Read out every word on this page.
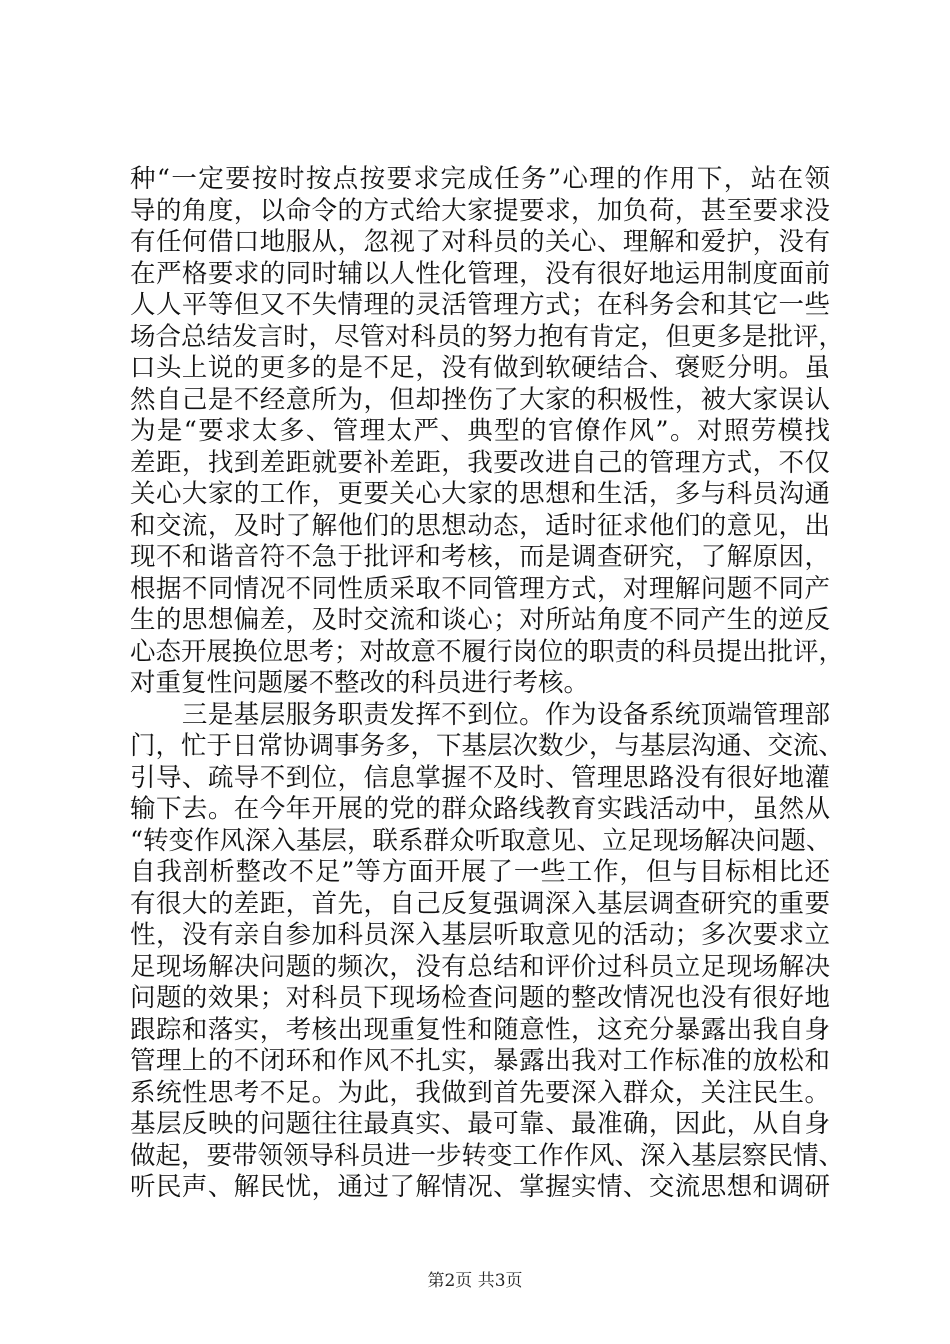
种“一定要按时按点按要求完成任务”心理的作用下，站在领
导的角度，以命令的方式给大家提要求，加负荷，甚至要求没
有任何借口地服从，忽视了对科员的关心、理解和爱护，没有
在严格要求的同时辅以人性化管理，没有很好地运用制度面前
人人平等但又不失情理的灵活管理方式；在科务会和其它一些
场合总结发言时，尽管对科员的努力抱有肯定，但更多是批评，
口头上说的更多的是不足，没有做到软硬结合、褒贬分明。虽
然自己是不经意所为，但却挫伤了大家的积极性，被大家误认
为是“要求太多、管理太严、典型的官僚作风”。对照劳模找
差距，找到差距就要补差距，我要改进自己的管理方式，不仅
关心大家的工作，更要关心大家的思想和生活，多与科员沟通
和交流，及时了解他们的思想动态，适时征求他们的意见，出
现不和谐音符不急于批评和考核，而是调查研究，了解原因，
根据不同情况不同性质采取不同管理方式，对理解问题不同产
生的思想偏差，及时交流和谈心；对所站角度不同产生的逆反
心态开展换位思考；对故意不履行岗位的职责的科员提出批评，
对重复性问题屡不整改的科员进行考核。
　　三是基层服务职责发挥不到位。作为设备系统顶端管理部
门，忙于日常协调事务多，下基层次数少，与基层沟通、交流、
引导、疏导不到位，信息掌握不及时、管理思路没有很好地灌
输下去。在今年开展的党的群众路线教育实践活动中，虽然从
“转变作风深入基层，联系群众听取意见、立足现场解决问题、
自我剖析整改不足”等方面开展了一些工作，但与目标相比还
有很大的差距，首先，自己反复强调深入基层调查研究的重要
性，没有亲自参加科员深入基层听取意见的活动；多次要求立
足现场解决问题的频次，没有总结和评价过科员立足现场解决
问题的效果；对科员下现场检查问题的整改情况也没有很好地
跟踪和落实，考核出现重复性和随意性，这充分暴露出我自身
管理上的不闭环和作风不扎实，暴露出我对工作标准的放松和
系统性思考不足。为此，我做到首先要深入群众，关注民生。
基层反映的问题往往最真实、最可靠、最准确，因此，从自身
做起，要带领领导科员进一步转变工作作风、深入基层察民情、
听民声、解民忧，通过了解情况、掌握实情、交流思想和调研
第2页 共3页
